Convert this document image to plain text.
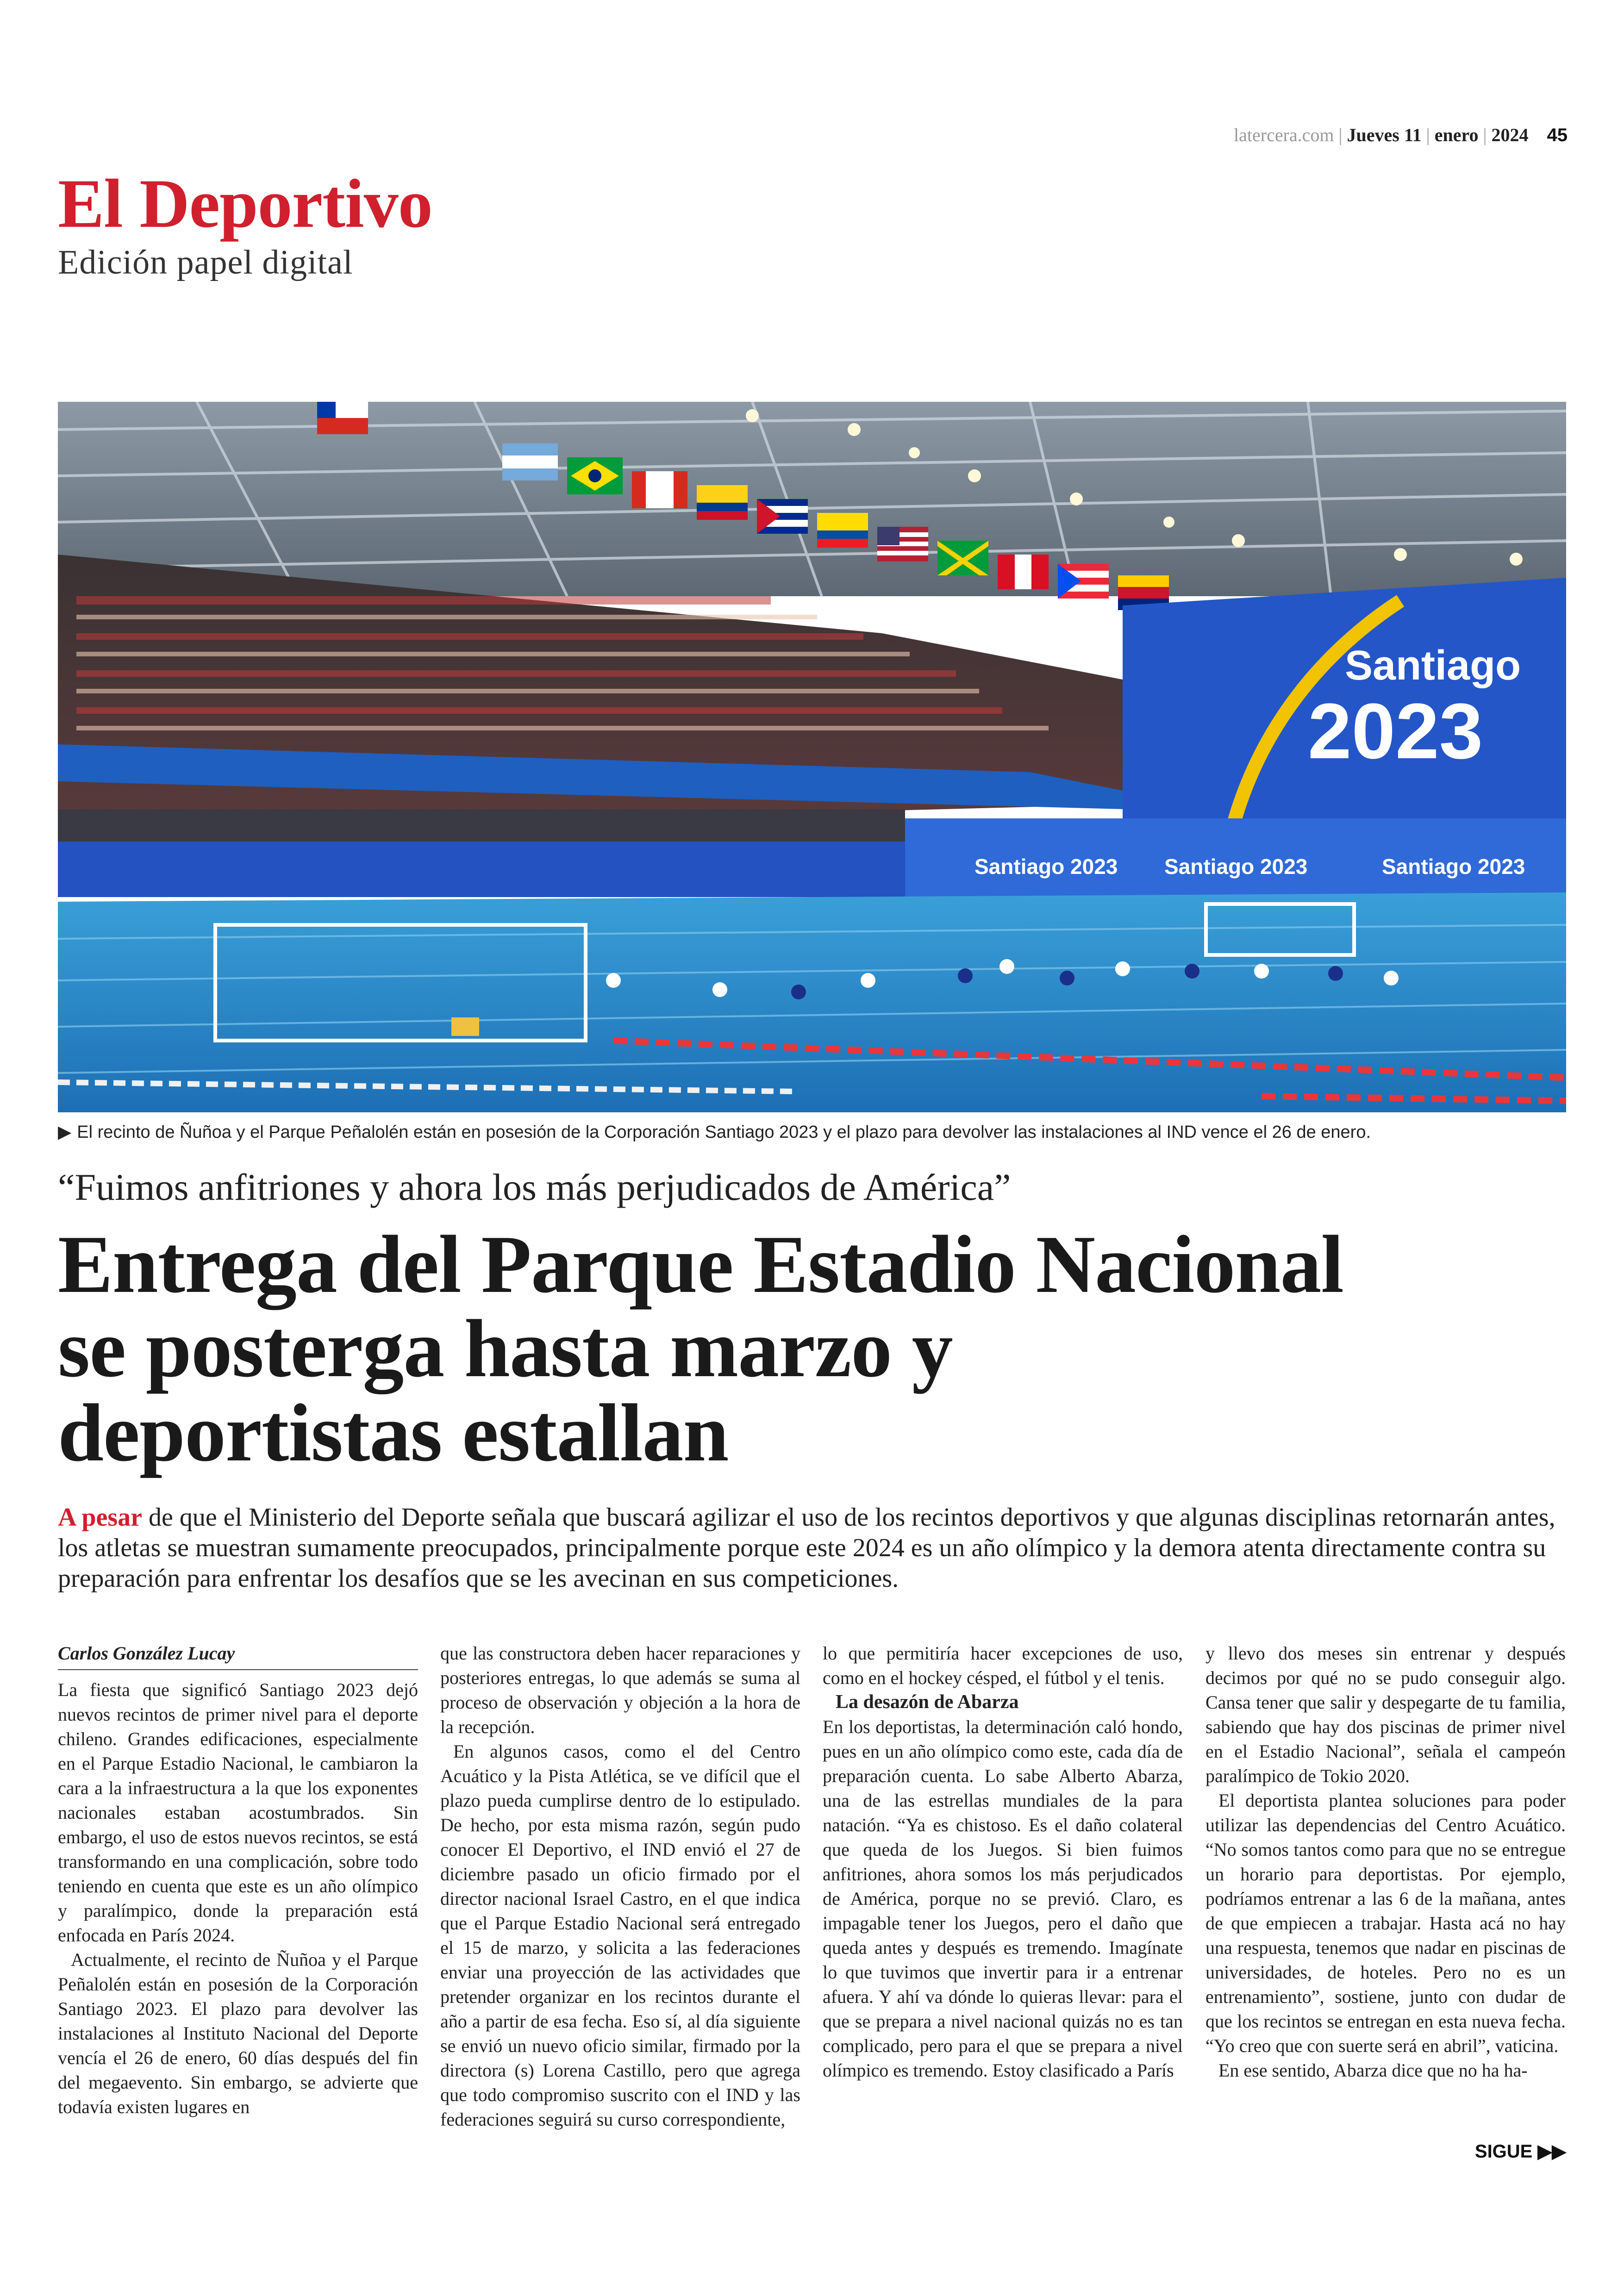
latercera.com | Jueves 11 | enero | 2024 45
El Deportivo
Edición papel digital
Santiago
2023
Santiago 2023 Santiago 2023	Santiago 2023
▶ El recinto de Ñuñoa y el Parque Peñalolén están en posesión de la Corporación Santiago 2023 y el plazo para devolver las instalaciones al IND vence el 26 de enero.
“Fuimos anfitriones y ahora los más perjudicados de América”
Entrega del Parque Estadio Nacional
se posterga hasta marzo y
deportistas estallan
A pesar de que el Ministerio del Deporte señala que buscará agilizar el uso de los recintos deportivos y que algunas disciplinas retornarán antes, los atletas se muestran sumamente preocupados, principalmente porque este 2024 es un año olímpico y la demora atenta directamente contra su preparación para enfrentar los desafíos que se les avecinan en sus competiciones.

Carlos González Lucay

La fiesta que significó Santiago 2023 dejó nuevos recintos de primer nivel para el deporte chileno. Grandes edificaciones, especialmente en el Parque Estadio Nacional, le cambiaron la cara a la infraestructura a la que los exponentes nacionales estaban acostumbrados. Sin embargo, el uso de estos nuevos recintos, se está transformando en una complicación, sobre todo teniendo en cuenta que este es un año olímpico y paralímpico, donde la preparación está enfocada en París 2024.

Actualmente, el recinto de Ñuñoa y el Parque Peñalolén están en posesión de la Corporación Santiago 2023. El plazo para devolver las instalaciones al Instituto Nacional del Deporte vencía el 26 de enero, 60 días después del fin del megaevento. Sin embargo, se advierte que todavía existen lugares en

que las constructora deben hacer reparaciones y posteriores entregas, lo que además se suma al proceso de observación y objeción a la hora de la recepción.

En algunos casos, como el del Centro Acuático y la Pista Atlética, se ve difícil que el plazo pueda cumplirse dentro de lo estipulado. De hecho, por esta misma razón, según pudo conocer El Deportivo, el IND envió el 27 de diciembre pasado un oficio firmado por el director nacional Israel Castro, en el que indica que el Parque Estadio Nacional será entregado el 15 de marzo, y solicita a las federaciones enviar una proyección de las actividades que pretender organizar en los recintos durante el año a partir de esa fecha. Eso sí, al día siguiente se envió un nuevo oficio similar, firmado por la directora (s) Lorena Castillo, pero que agrega que todo compromiso suscrito con el IND y las federaciones seguirá su curso correspondiente,

lo que permitiría hacer excepciones de uso, como en el hockey césped, el fútbol y el tenis.

La desazón de Abarza

En los deportistas, la determinación caló hondo, pues en un año olímpico como este, cada día de preparación cuenta. Lo sabe Alberto Abarza, una de las estrellas mundiales de la para natación. “Ya es chistoso. Es el daño colateral que queda de los Juegos. Si bien fuimos anfitriones, ahora somos los más perjudicados de América, porque no se previó. Claro, es impagable tener los Juegos, pero el daño que queda antes y después es tremendo. Imagínate lo que tuvimos que invertir para ir a entrenar afuera. Y ahí va dónde lo quieras llevar: para el que se prepara a nivel nacional quizás no es tan complicado, pero para el que se prepara a nivel olímpico es tremendo. Estoy clasificado a París

y llevo dos meses sin entrenar y después decimos por qué no se pudo conseguir algo. Cansa tener que salir y despegarte de tu familia, sabiendo que hay dos piscinas de primer nivel en el Estadio Nacional”, señala el campeón paralímpico de Tokio 2020.

El deportista plantea soluciones para poder utilizar las dependencias del Centro Acuático. “No somos tantos como para que no se entregue un horario para deportistas. Por ejemplo, podríamos entrenar a las 6 de la mañana, antes de que empiecen a trabajar. Hasta acá no hay una respuesta, tenemos que nadar en piscinas de universidades, de hoteles. Pero no es un entrenamiento”, sostiene, junto con dudar de que los recintos se entregan en esta nueva fecha. “Yo creo que con suerte será en abril”, vaticina.

En ese sentido, Abarza dice que no ha ha-

SIGUE ▶▶
